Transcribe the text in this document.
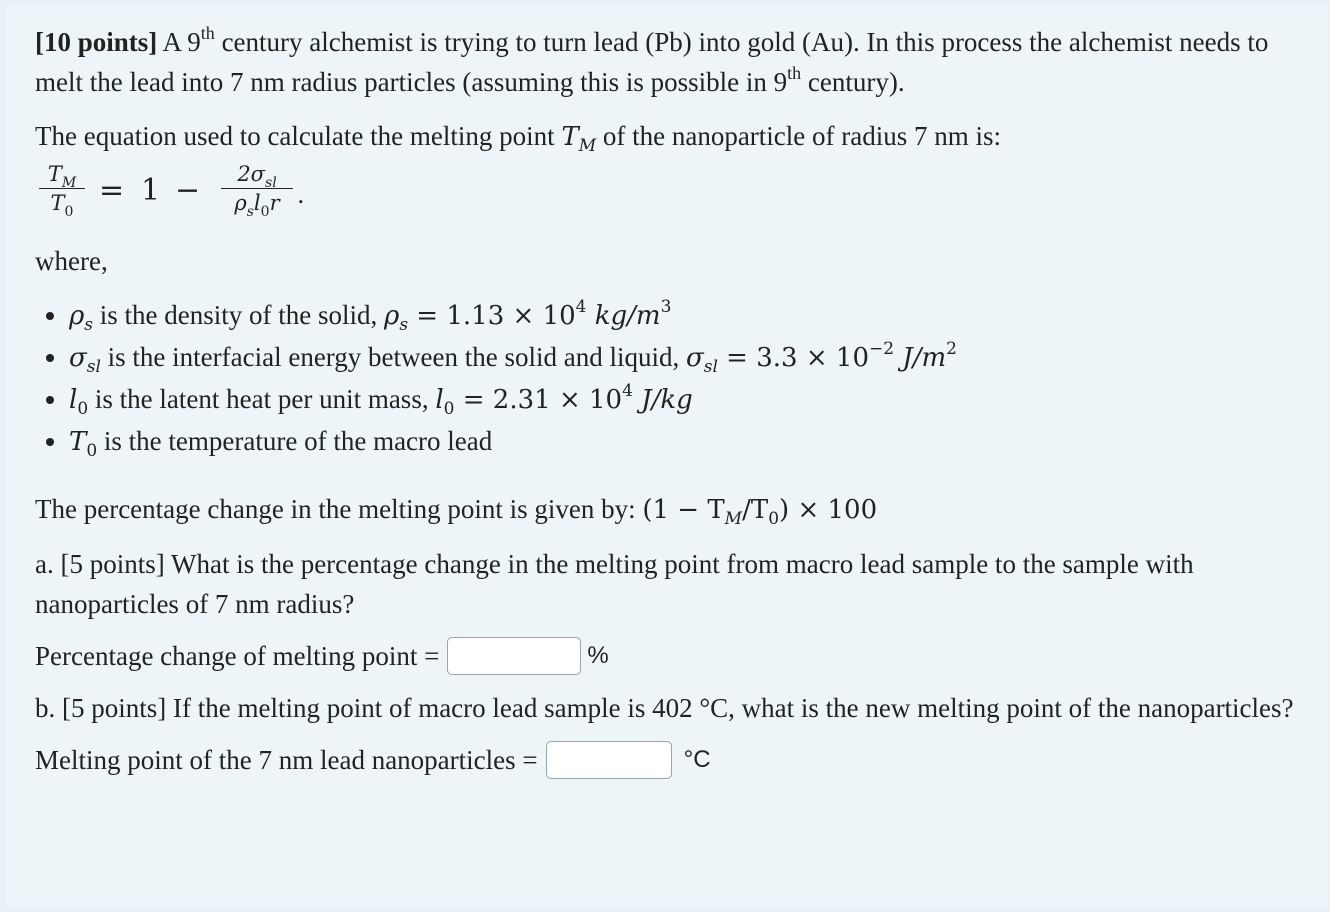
[10 points] A 9th century alchemist is trying to turn lead (Pb) into gold (Au). In this process the alchemist needs to melt the lead into 7 nm radius particles (assuming this is possible in 9th century).

The equation used to calculate the melting point $T_M$ of the nanoparticle of radius 7 nm is:

$T_M$
$T_0$
= 1 −	$2\sigma_{sl}$
$\rho_sl_0r$ .

where,

• $\rho_s$ is the density of the solid, $\rho_s = 1.13 \times 10^4$ $kg/m^3$
• $\sigma_{sl}$ is the interfacial energy between the solid and liquid, $\sigma_{sl} = 3.3 \times 10^{-2}$ $J/m^2$
• $l_0$ is the latent heat per unit mass, $l_0 = 2.31 \times 10^4$ J/kg
• $T_0$ is the temperature of the macro lead

The percentage change in the melting point is given by: $(1 - T_M/T_0) \times 100$

a. [5 points] What is the percentage change in the melting point from macro lead sample to the sample with nanoparticles of 7 nm radius?

Percentage change of melting point =	%

b. [5 points] If the melting point of macro lead sample is 402 °C, what is the new melting point of the nanoparticles?

Melting point of the 7 nm lead nanoparticles =	°C
